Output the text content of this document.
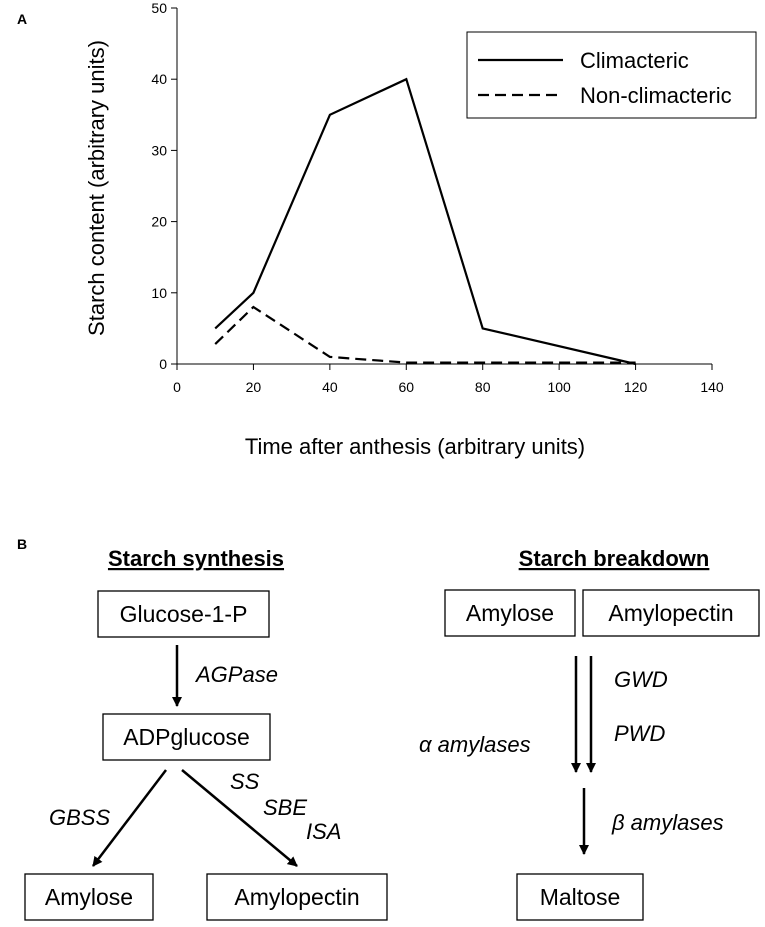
A
0
10
20
30
40
50
0	20	40	60	80	100	120	140
Starch content (arbitrary units)
Time after anthesis (arbitrary units)
Climacteric
Non-climacteric
B
Starch synthesis
Glucose-1-P
AGPase
ADPglucose
GBSS
SS
SBE
ISA
Amylose	Amylopectin
Starch breakdown
Amylose Amylopectin
α amylases
GWD
PWD
β amylases
Maltose
